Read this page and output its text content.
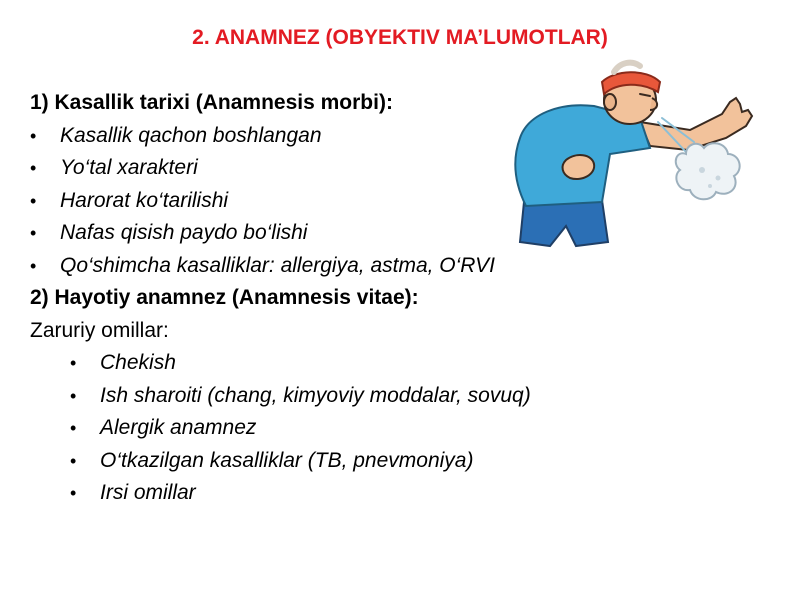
2. ANAMNEZ (OBYEKTIV MA’LUMOTLAR)
1) Kasallik tarixi (Anamnesis morbi):
• Kasallik qachon boshlangan
• Yo‘tal xarakteri
• Harorat ko‘tarilishi
• Nafas qisish paydo bo‘lishi
• Qo‘shimcha kasalliklar: allergiya, astma, O‘RVI
2) Hayotiy anamnez (Anamnesis vitae):
Zaruriy omillar:
• Chekish
• Ish sharoiti (chang, kimyoviy moddalar, sovuq)
• Alergik anamnez
• O‘tkazilgan kasalliklar (TB, pnevmoniya)
• Irsi omillar
